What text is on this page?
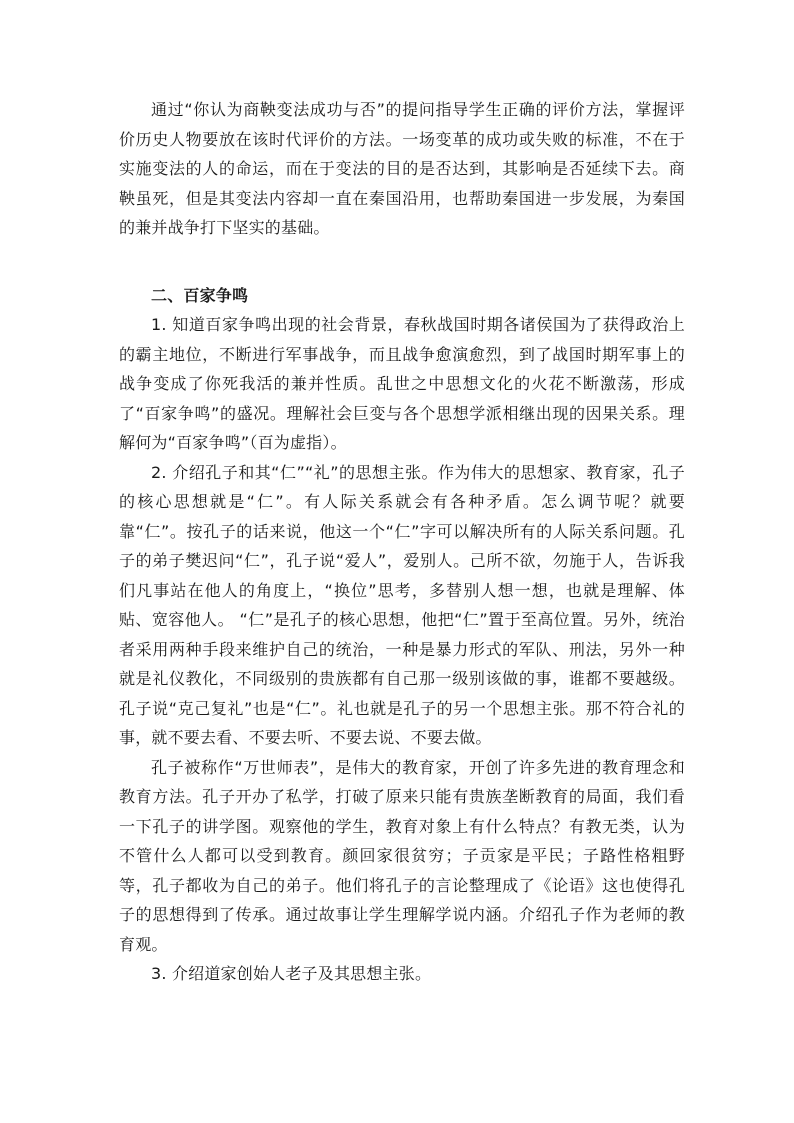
通过“你认为商鞅变法成功与否”的提问指导学生正确的评价方法，掌握评价历史人物要放在该时代评价的方法。一场变革的成功或失败的标准，不在于实施变法的人的命运，而在于变法的目的是否达到，其影响是否延续下去。商鞅虽死，但是其变法内容却一直在秦国沿用，也帮助秦国进一步发展，为秦国的兼并战争打下坚实的基础。

二、百家争鸣

1. 知道百家争鸣出现的社会背景，春秋战国时期各诸侯国为了获得政治上的霸主地位，不断进行军事战争，而且战争愈演愈烈，到了战国时期军事上的战争变成了你死我活的兼并性质。乱世之中思想文化的火花不断激荡，形成了“百家争鸣”的盛况。理解社会巨变与各个思想学派相继出现的因果关系。理解何为“百家争鸣”（百为虚指）。

2. 介绍孔子和其“仁”“礼”的思想主张。作为伟大的思想家、教育家，孔子的核心思想就是“仁”。有人际关系就会有各种矛盾。怎么调节呢？就要靠“仁”。按孔子的话来说，他这一个“仁”字可以解决所有的人际关系问题。孔子的弟子樊迟问“仁”，孔子说“爱人”，爱别人。己所不欲，勿施于人，告诉我们凡事站在他人的角度上，“换位”思考，多替别人想一想，也就是理解、体贴、宽容他人。 “仁”是孔子的核心思想，他把“仁”置于至高位置。另外，统治者采用两种手段来维护自己的统治，一种是暴力形式的军队、刑法，另外一种就是礼仪教化，不同级别的贵族都有自己那一级别该做的事，谁都不要越级。孔子说“克己复礼”也是“仁”。礼也就是孔子的另一个思想主张。那不符合礼的事，就不要去看、不要去听、不要去说、不要去做。

孔子被称作“万世师表”，是伟大的教育家，开创了许多先进的教育理念和教育方法。孔子开办了私学，打破了原来只能有贵族垄断教育的局面，我们看一下孔子的讲学图。观察他的学生，教育对象上有什么特点？有教无类，认为不管什么人都可以受到教育。颜回家很贫穷；子贡家是平民；子路性格粗野等，孔子都收为自己的弟子。他们将孔子的言论整理成了《论语》这也使得孔子的思想得到了传承。通过故事让学生理解学说内涵。介绍孔子作为老师的教育观。

3. 介绍道家创始人老子及其思想主张。
